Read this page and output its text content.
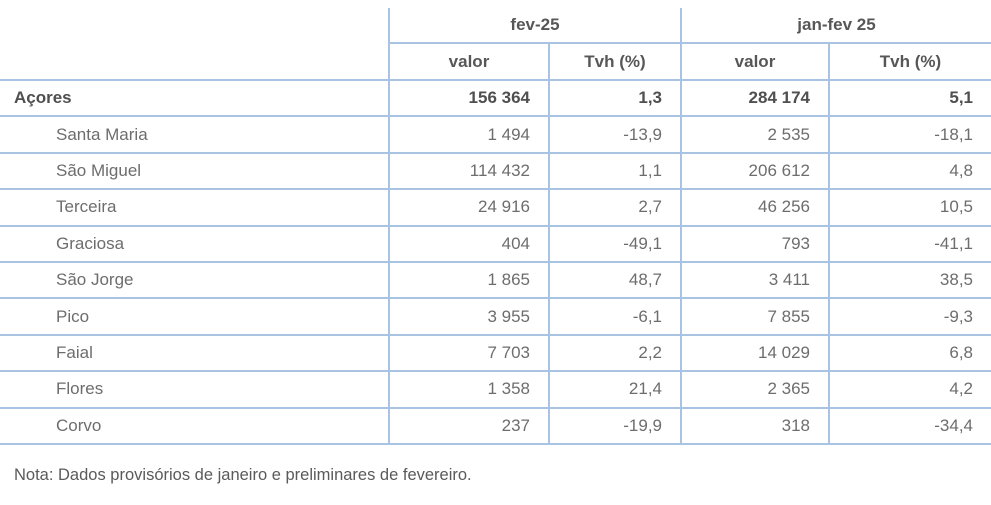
fev-25	jan-fev 25
valor	Tvh (%)	valor	Tvh (%)
Açores	156 364	1,3	284 174	5,1
Santa Maria	1 494	-13,9	2 535	-18,1
São Miguel	114 432	1,1	206 612	4,8
Terceira	24 916	2,7	46 256	10,5
Graciosa	404	-49,1	793	-41,1
São Jorge	1 865	48,7	3 411	38,5
Pico	3 955	-6,1	7 855	-9,3
Faial	7 703	2,2	14 029	6,8
Flores	1 358	21,4	2 365	4,2
Corvo	237	-19,9	318	-34,4
Nota: Dados provisórios de janeiro e preliminares de fevereiro.
